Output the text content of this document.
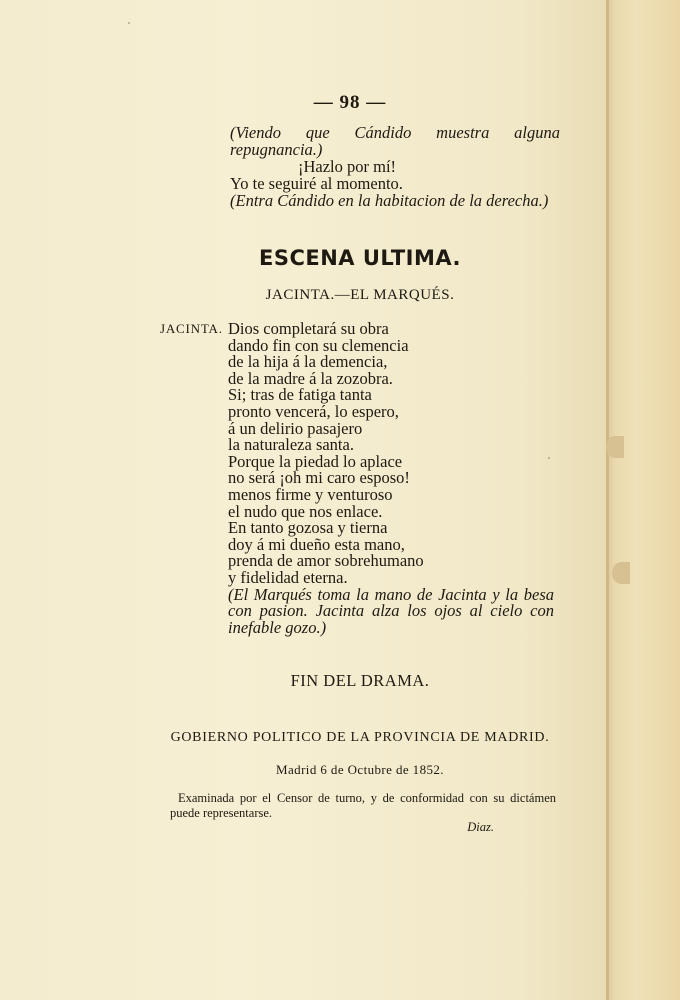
— 98 —
(Viendo que Cándido muestra alguna repugnancia.)
¡Hazlo por mí!
Yo te seguiré al momento.
(Entra Cándido en la habitacion de la derecha.)
ESCENA ULTIMA.
JACINTA.—EL MARQUÉS.
JACINTA. Dios completará su obra
dando fin con su clemencia
de la hija á la demencia,
de la madre á la zozobra.
Si; tras de fatiga tanta
pronto vencerá, lo espero,
á un delirio pasajero
la naturaleza santa.
Porque la piedad lo aplace
no será ¡oh mi caro esposo!
menos firme y venturoso
el nudo que nos enlace.
En tanto gozosa y tierna
doy á mi dueño esta mano,
prenda de amor sobrehumano
y fidelidad eterna.
(El Marqués toma la mano de Jacinta y la besa con pasion. Jacinta alza los ojos al cielo con inefable gozo.)
FIN DEL DRAMA.
GOBIERNO POLITICO DE LA PROVINCIA DE MADRID.
Madrid 6 de Octubre de 1852.
Examinada por el Censor de turno, y de conformidad con su dictámen puede representarse.
Diaz.
